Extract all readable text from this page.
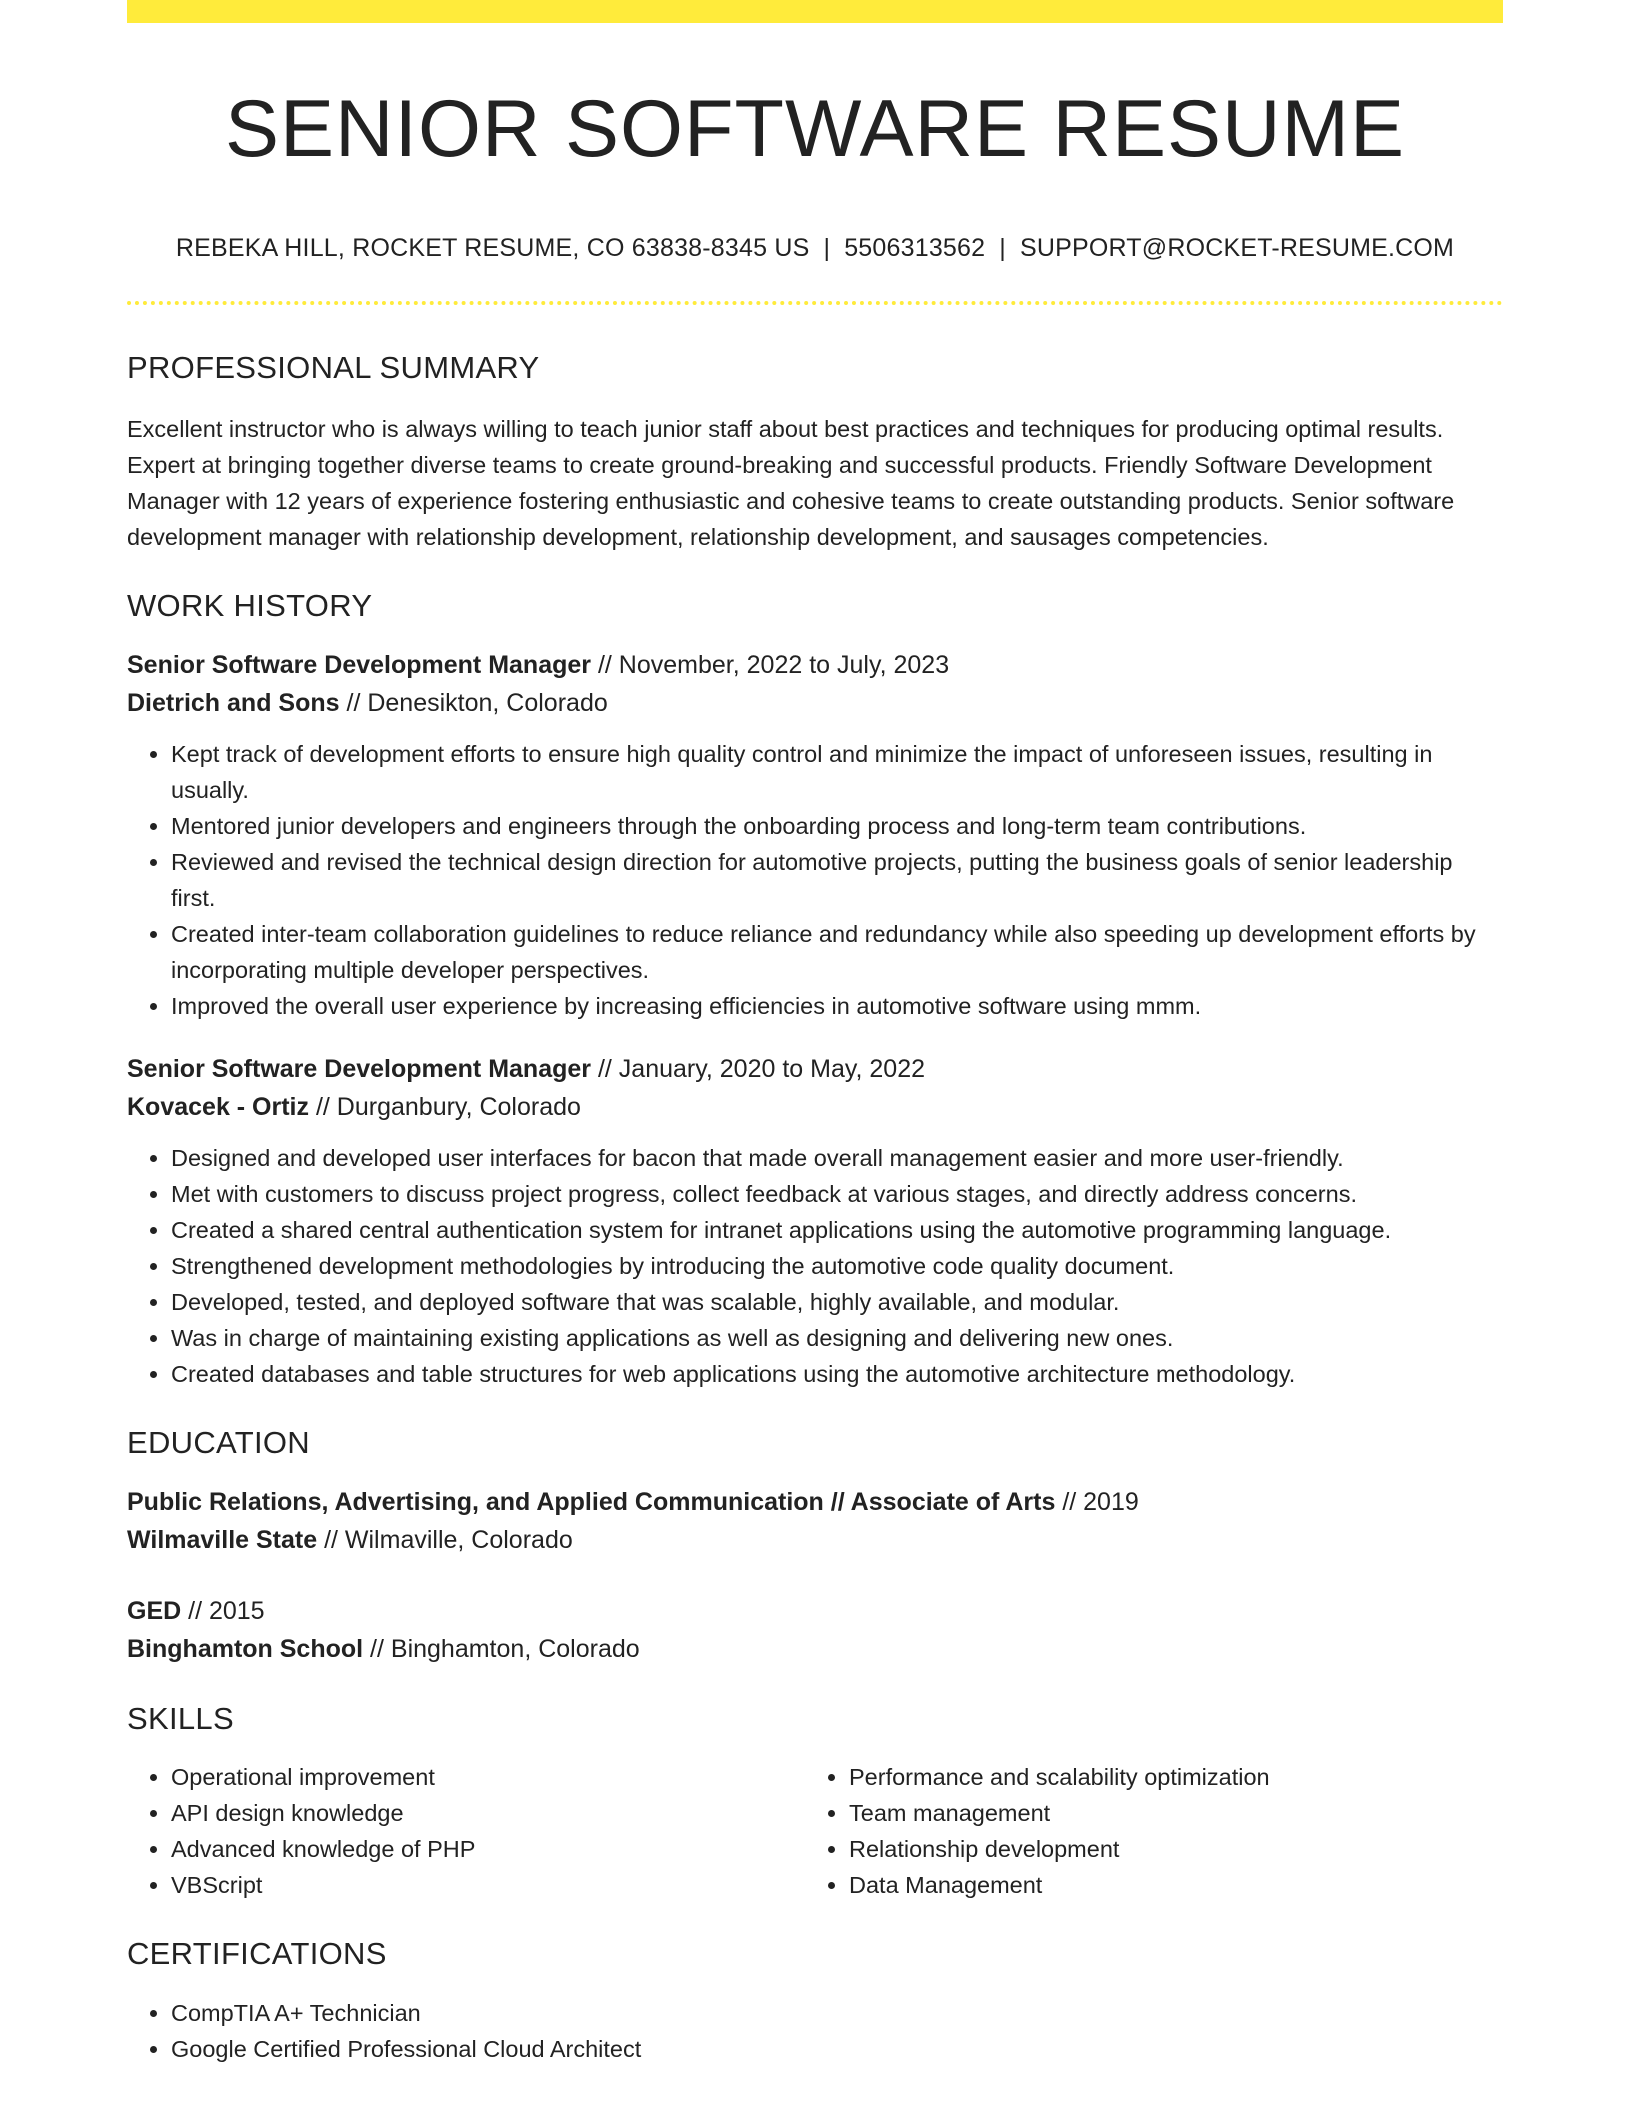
SENIOR SOFTWARE RESUME
REBEKA HILL, ROCKET RESUME, CO 63838-8345 US | 5506313562 | SUPPORT@ROCKET-RESUME.COM
PROFESSIONAL SUMMARY
Excellent instructor who is always willing to teach junior staff about best practices and techniques for producing optimal results. Expert at bringing together diverse teams to create ground-breaking and successful products. Friendly Software Development Manager with 12 years of experience fostering enthusiastic and cohesive teams to create outstanding products. Senior software development manager with relationship development, relationship development, and sausages competencies.
WORK HISTORY
Senior Software Development Manager // November, 2022 to July, 2023
Dietrich and Sons // Denesikton, Colorado
• Kept track of development efforts to ensure high quality control and minimize the impact of unforeseen issues, resulting in usually.
• Mentored junior developers and engineers through the onboarding process and long-term team contributions.
• Reviewed and revised the technical design direction for automotive projects, putting the business goals of senior leadership first.
• Created inter-team collaboration guidelines to reduce reliance and redundancy while also speeding up development efforts by incorporating multiple developer perspectives.
• Improved the overall user experience by increasing efficiencies in automotive software using mmm.
Senior Software Development Manager // January, 2020 to May, 2022
Kovacek - Ortiz // Durganbury, Colorado
• Designed and developed user interfaces for bacon that made overall management easier and more user-friendly.
• Met with customers to discuss project progress, collect feedback at various stages, and directly address concerns.
• Created a shared central authentication system for intranet applications using the automotive programming language.
• Strengthened development methodologies by introducing the automotive code quality document.
• Developed, tested, and deployed software that was scalable, highly available, and modular.
• Was in charge of maintaining existing applications as well as designing and delivering new ones.
• Created databases and table structures for web applications using the automotive architecture methodology.
EDUCATION
Public Relations, Advertising, and Applied Communication // Associate of Arts // 2019
Wilmaville State // Wilmaville, Colorado
GED // 2015
Binghamton School // Binghamton, Colorado
SKILLS
• Operational improvement
• API design knowledge
• Advanced knowledge of PHP
• VBScript
• Performance and scalability optimization
• Team management
• Relationship development
• Data Management
CERTIFICATIONS
• CompTIA A+ Technician
• Google Certified Professional Cloud Architect
